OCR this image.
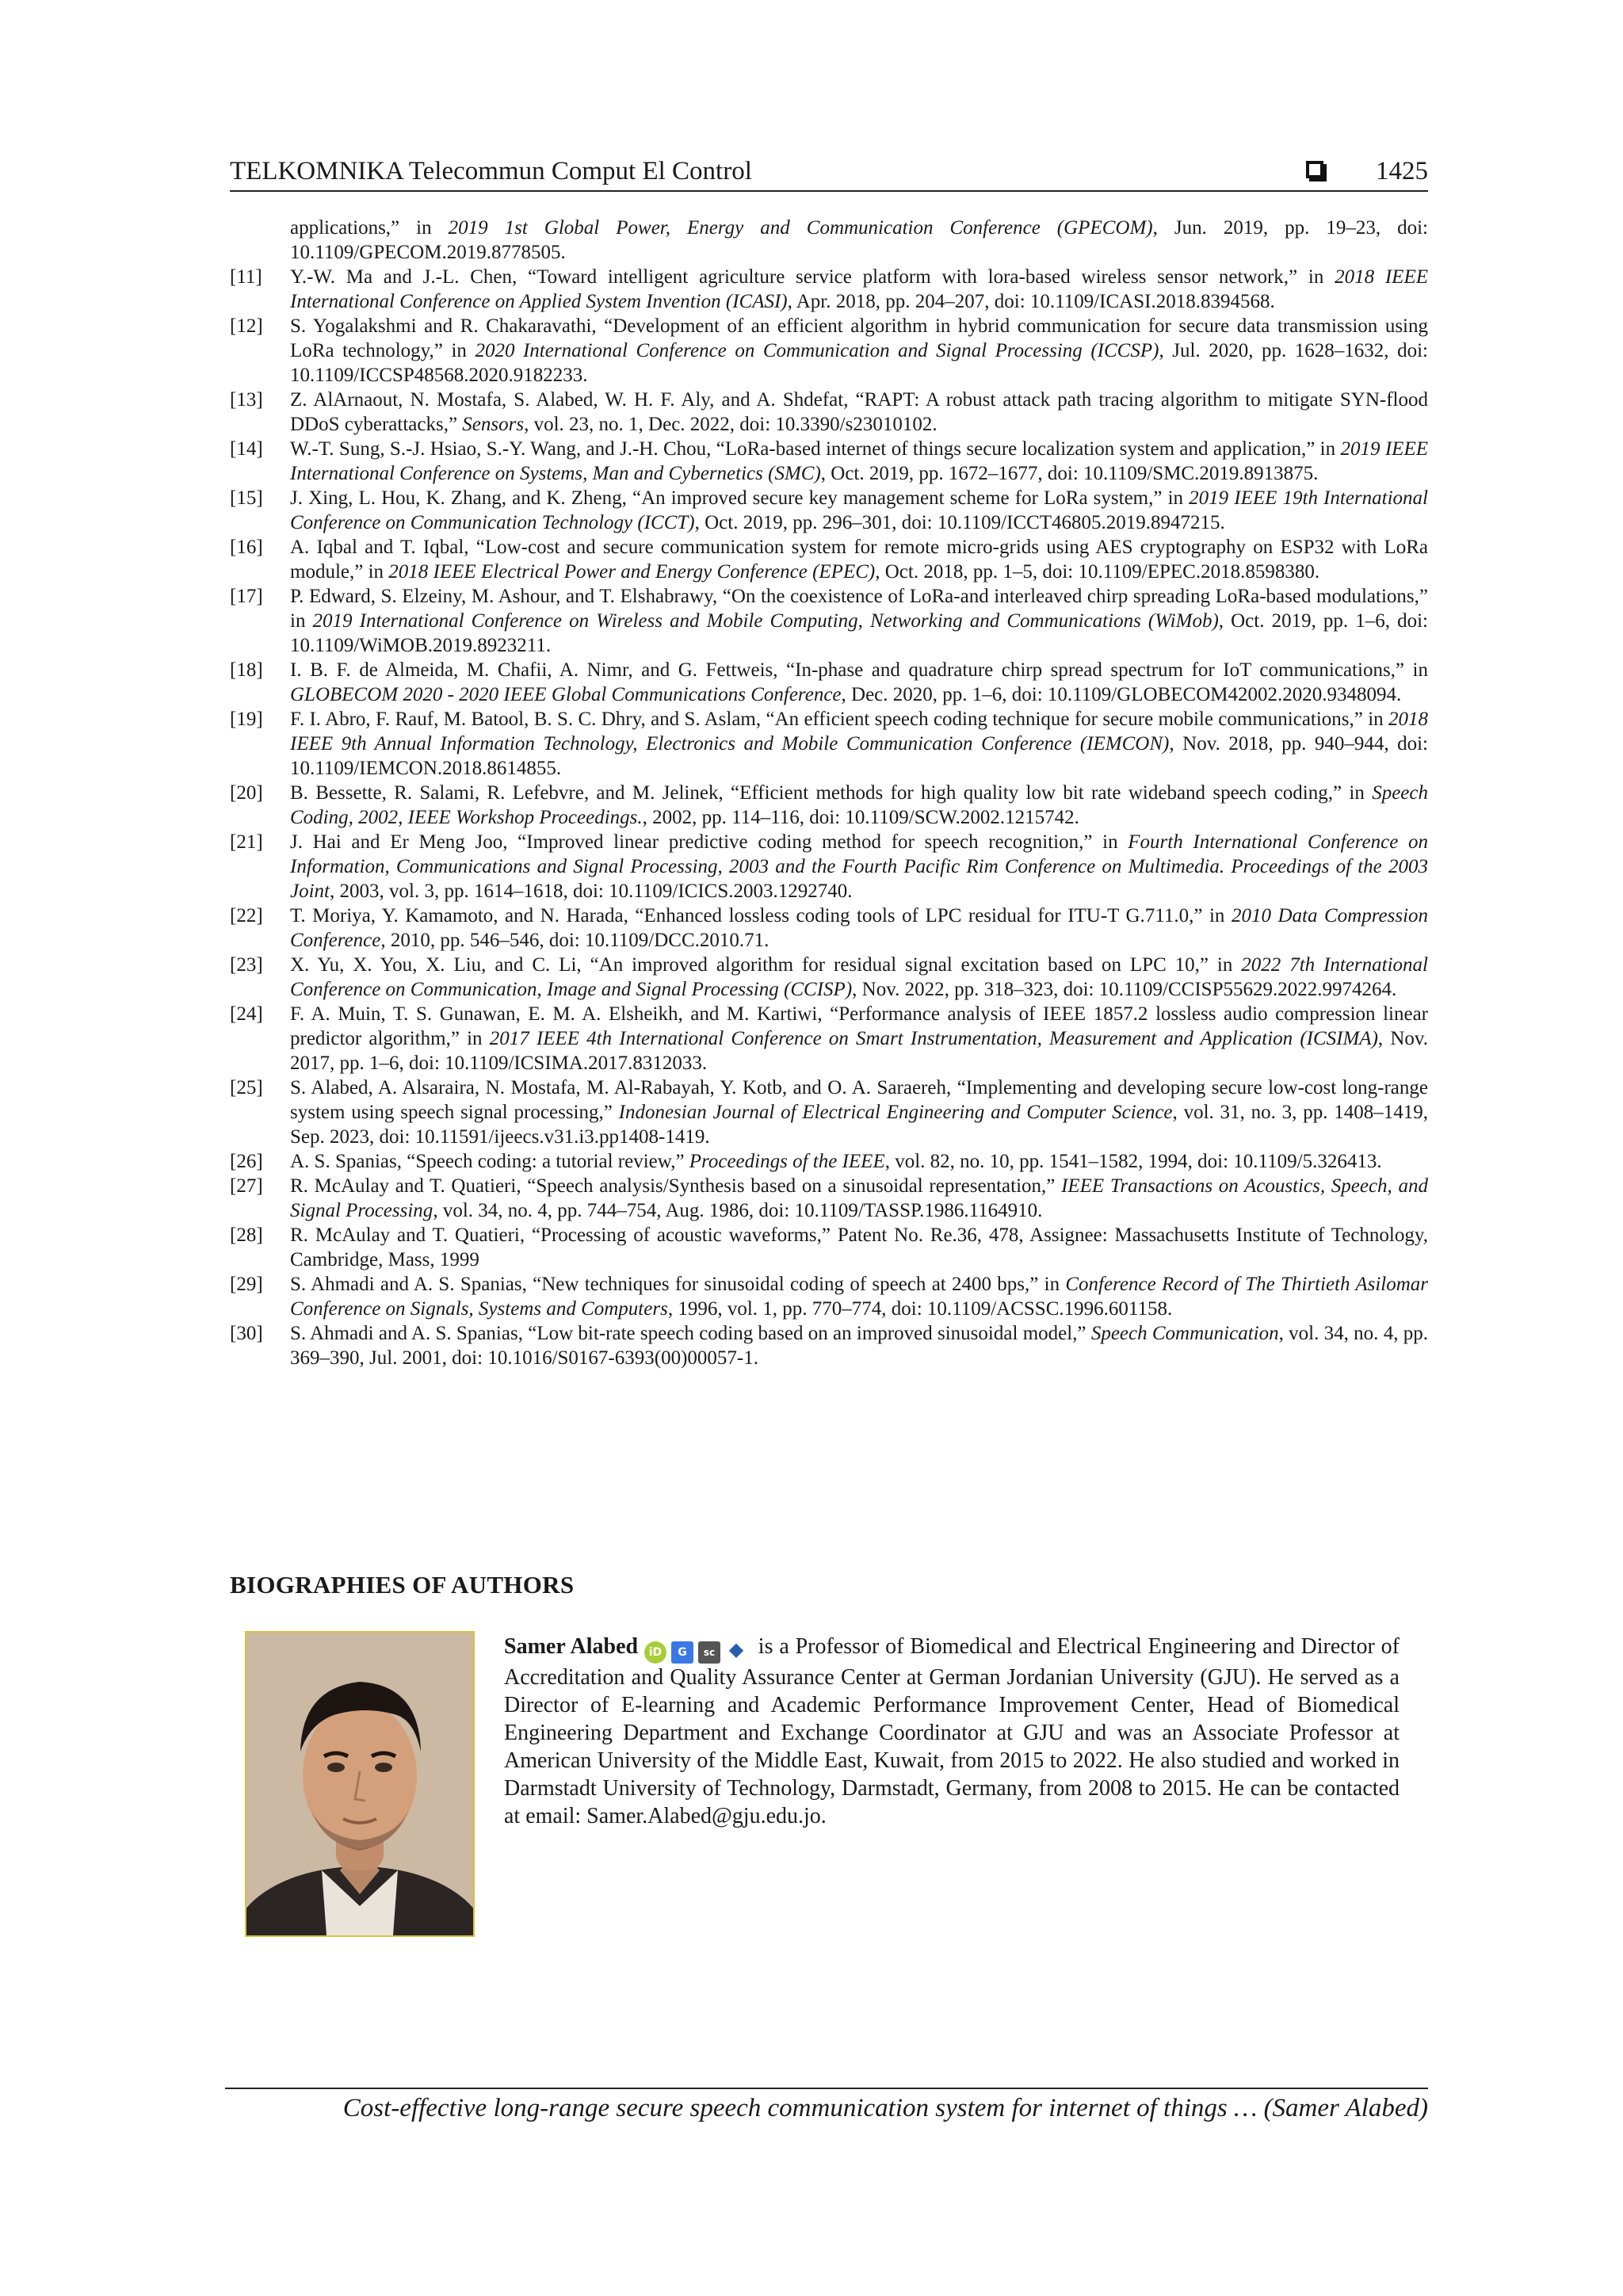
TELKOMNIKA Telecommun Comput El Control	1425
applications,” in 2019 1st Global Power, Energy and Communication Conference (GPECOM), Jun. 2019, pp. 19–23, doi: 10.1109/GPECOM.2019.8778505.
[11]	Y.-W. Ma and J.-L. Chen, “Toward intelligent agriculture service platform with lora-based wireless sensor network,” in 2018 IEEE International Conference on Applied System Invention (ICASI), Apr. 2018, pp. 204–207, doi: 10.1109/ICASI.2018.8394568.
[12]	S. Yogalakshmi and R. Chakaravathi, “Development of an efficient algorithm in hybrid communication for secure data transmission using LoRa technology,” in 2020 International Conference on Communication and Signal Processing (ICCSP), Jul. 2020, pp. 1628–1632, doi: 10.1109/ICCSP48568.2020.9182233.
[13]	Z. AlArnaout, N. Mostafa, S. Alabed, W. H. F. Aly, and A. Shdefat, “RAPT: A robust attack path tracing algorithm to mitigate SYN-flood DDoS cyberattacks,” Sensors, vol. 23, no. 1, Dec. 2022, doi: 10.3390/s23010102.
[14]	W.-T. Sung, S.-J. Hsiao, S.-Y. Wang, and J.-H. Chou, “LoRa-based internet of things secure localization system and application,” in 2019 IEEE International Conference on Systems, Man and Cybernetics (SMC), Oct. 2019, pp. 1672–1677, doi: 10.1109/SMC.2019.8913875.
[15]	J. Xing, L. Hou, K. Zhang, and K. Zheng, “An improved secure key management scheme for LoRa system,” in 2019 IEEE 19th International Conference on Communication Technology (ICCT), Oct. 2019, pp. 296–301, doi: 10.1109/ICCT46805.2019.8947215.
[16]	A. Iqbal and T. Iqbal, “Low-cost and secure communication system for remote micro-grids using AES cryptography on ESP32 with LoRa module,” in 2018 IEEE Electrical Power and Energy Conference (EPEC), Oct. 2018, pp. 1–5, doi: 10.1109/EPEC.2018.8598380.
[17]	P. Edward, S. Elzeiny, M. Ashour, and T. Elshabrawy, “On the coexistence of LoRa-and interleaved chirp spreading LoRa-based modulations,” in 2019 International Conference on Wireless and Mobile Computing, Networking and Communications (WiMob), Oct. 2019, pp. 1–6, doi: 10.1109/WiMOB.2019.8923211.
[18]	I. B. F. de Almeida, M. Chafii, A. Nimr, and G. Fettweis, “In-phase and quadrature chirp spread spectrum for IoT communications,” in GLOBECOM 2020 - 2020 IEEE Global Communications Conference, Dec. 2020, pp. 1–6, doi: 10.1109/GLOBECOM42002.2020.9348094.
[19]	F. I. Abro, F. Rauf, M. Batool, B. S. C. Dhry, and S. Aslam, “An efficient speech coding technique for secure mobile communications,” in 2018 IEEE 9th Annual Information Technology, Electronics and Mobile Communication Conference (IEMCON), Nov. 2018, pp. 940–944, doi: 10.1109/IEMCON.2018.8614855.
[20]	B. Bessette, R. Salami, R. Lefebvre, and M. Jelinek, “Efficient methods for high quality low bit rate wideband speech coding,” in Speech Coding, 2002, IEEE Workshop Proceedings., 2002, pp. 114–116, doi: 10.1109/SCW.2002.1215742.
[21]	J. Hai and Er Meng Joo, “Improved linear predictive coding method for speech recognition,” in Fourth International Conference on Information, Communications and Signal Processing, 2003 and the Fourth Pacific Rim Conference on Multimedia. Proceedings of the 2003 Joint, 2003, vol. 3, pp. 1614–1618, doi: 10.1109/ICICS.2003.1292740.
[22]	T. Moriya, Y. Kamamoto, and N. Harada, “Enhanced lossless coding tools of LPC residual for ITU-T G.711.0,” in 2010 Data Compression Conference, 2010, pp. 546–546, doi: 10.1109/DCC.2010.71.
[23]	X. Yu, X. You, X. Liu, and C. Li, “An improved algorithm for residual signal excitation based on LPC 10,” in 2022 7th International Conference on Communication, Image and Signal Processing (CCISP), Nov. 2022, pp. 318–323, doi: 10.1109/CCISP55629.2022.9974264.
[24]	F. A. Muin, T. S. Gunawan, E. M. A. Elsheikh, and M. Kartiwi, “Performance analysis of IEEE 1857.2 lossless audio compression linear predictor algorithm,” in 2017 IEEE 4th International Conference on Smart Instrumentation, Measurement and Application (ICSIMA), Nov. 2017, pp. 1–6, doi: 10.1109/ICSIMA.2017.8312033.
[25]	S. Alabed, A. Alsaraira, N. Mostafa, M. Al-Rabayah, Y. Kotb, and O. A. Saraereh, “Implementing and developing secure low-cost long-range system using speech signal processing,” Indonesian Journal of Electrical Engineering and Computer Science, vol. 31, no. 3, pp. 1408–1419, Sep. 2023, doi: 10.11591/ijeecs.v31.i3.pp1408-1419.
[26]	A. S. Spanias, “Speech coding: a tutorial review,” Proceedings of the IEEE, vol. 82, no. 10, pp. 1541–1582, 1994, doi: 10.1109/5.326413.
[27]	R. McAulay and T. Quatieri, “Speech analysis/Synthesis based on a sinusoidal representation,” IEEE Transactions on Acoustics, Speech, and Signal Processing, vol. 34, no. 4, pp. 744–754, Aug. 1986, doi: 10.1109/TASSP.1986.1164910.
[28]	R. McAulay and T. Quatieri, “Processing of acoustic waveforms,” Patent No. Re.36, 478, Assignee: Massachusetts Institute of Technology, Cambridge, Mass, 1999
[29]	S. Ahmadi and A. S. Spanias, “New techniques for sinusoidal coding of speech at 2400 bps,” in Conference Record of The Thirtieth Asilomar Conference on Signals, Systems and Computers, 1996, vol. 1, pp. 770–774, doi: 10.1109/ACSSC.1996.601158.
[30]	S. Ahmadi and A. S. Spanias, “Low bit-rate speech coding based on an improved sinusoidal model,” Speech Communication, vol. 34, no. 4, pp. 369–390, Jul. 2001, doi: 10.1016/S0167-6393(00)00057-1.
BIOGRAPHIES OF AUTHORS
Samer Alabed iD G sc ◆ is a Professor of Biomedical and Electrical Engineering and Director of Accreditation and Quality Assurance Center at German Jordanian University (GJU). He served as a Director of E-learning and Academic Performance Improvement Center, Head of Biomedical Engineering Department and Exchange Coordinator at GJU and was an Associate Professor at American University of the Middle East, Kuwait, from 2015 to 2022. He also studied and worked in Darmstadt University of Technology, Darmstadt, Germany, from 2008 to 2015. He can be contacted at email: Samer.Alabed@gju.edu.jo.
Cost-effective long-range secure speech communication system for internet of things … (Samer Alabed)
